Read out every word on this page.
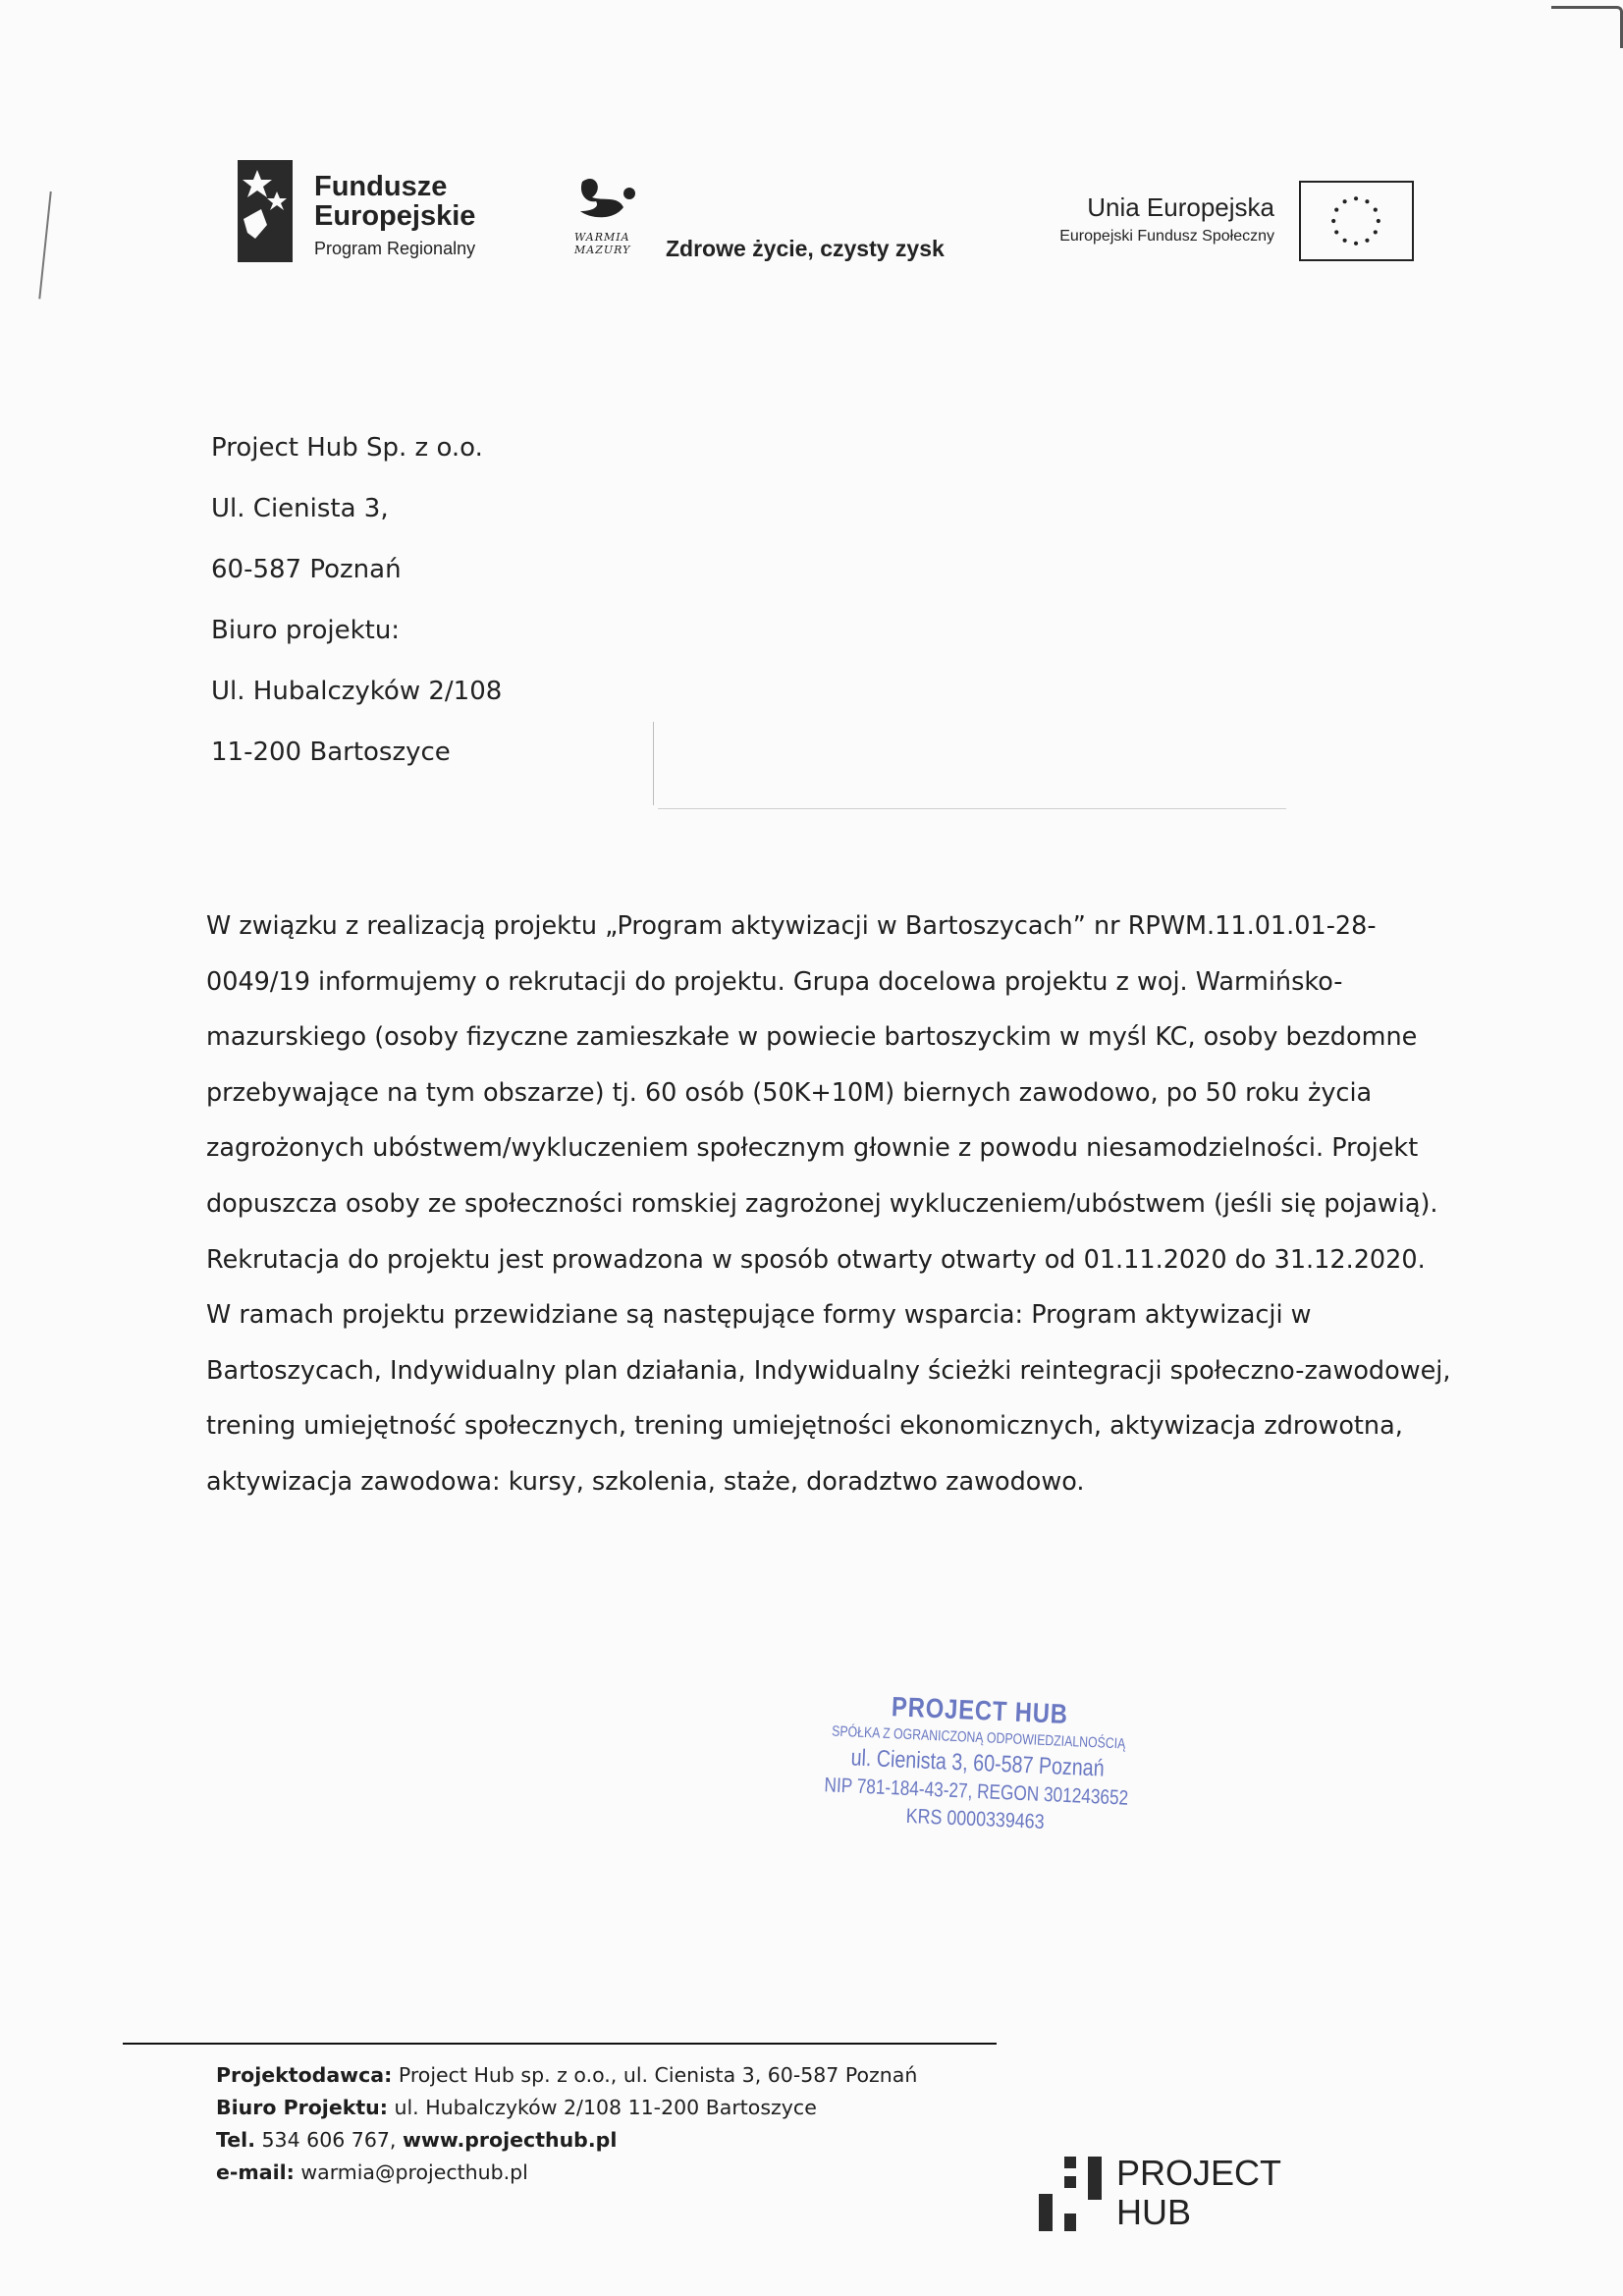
Fundusze
Europejskie
Program Regionalny
WARMIA
MAZURY	Zdrowe życie, czysty zysk
Unia Europejska
Europejski Fundusz Społeczny
Project Hub Sp. z o.o.
Ul. Cienista 3,
60-587 Poznań
Biuro projektu:
Ul. Hubalczyków 2/108
11-200 Bartoszyce
W związku z realizacją projektu „Program aktywizacji w Bartoszycach” nr RPWM.11.01.01-28-
0049/19 informujemy o rekrutacji do projektu. Grupa docelowa projektu z woj. Warmińsko-
mazurskiego (osoby fizyczne zamieszkałe w powiecie bartoszyckim w myśl KC, osoby bezdomne
przebywające na tym obszarze) tj. 60 osób (50K+10M) biernych zawodowo, po 50 roku życia
zagrożonych ubóstwem/wykluczeniem społecznym głownie z powodu niesamodzielności. Projekt
dopuszcza osoby ze społeczności romskiej zagrożonej wykluczeniem/ubóstwem (jeśli się pojawią).
Rekrutacja do projektu jest prowadzona w sposób otwarty otwarty od 01.11.2020 do 31.12.2020.
W ramach projektu przewidziane są następujące formy wsparcia: Program aktywizacji w
Bartoszycach, Indywidualny plan działania, Indywidualny ścieżki reintegracji społeczno-zawodowej,
trening umiejętność społecznych, trening umiejętności ekonomicznych, aktywizacja zdrowotna,
aktywizacja zawodowa: kursy, szkolenia, staże, doradztwo zawodowo.
PROJECT HUB
SPÓŁKA Z OGRANICZONĄ ODPOWIEDZIALNOŚCIĄ
ul. Cienista 3, 60-587 Poznań
NIP 781-184-43-27, REGON 301243652
KRS 0000339463
Projektodawca: Project Hub sp. z o.o., ul. Cienista 3, 60-587 Poznań
Biuro Projektu: ul. Hubalczyków 2/108 11-200 Bartoszyce
Tel. 534 606 767, www.projecthub.pl
e-mail: warmia@projecthub.pl	PROJECT
HUB
